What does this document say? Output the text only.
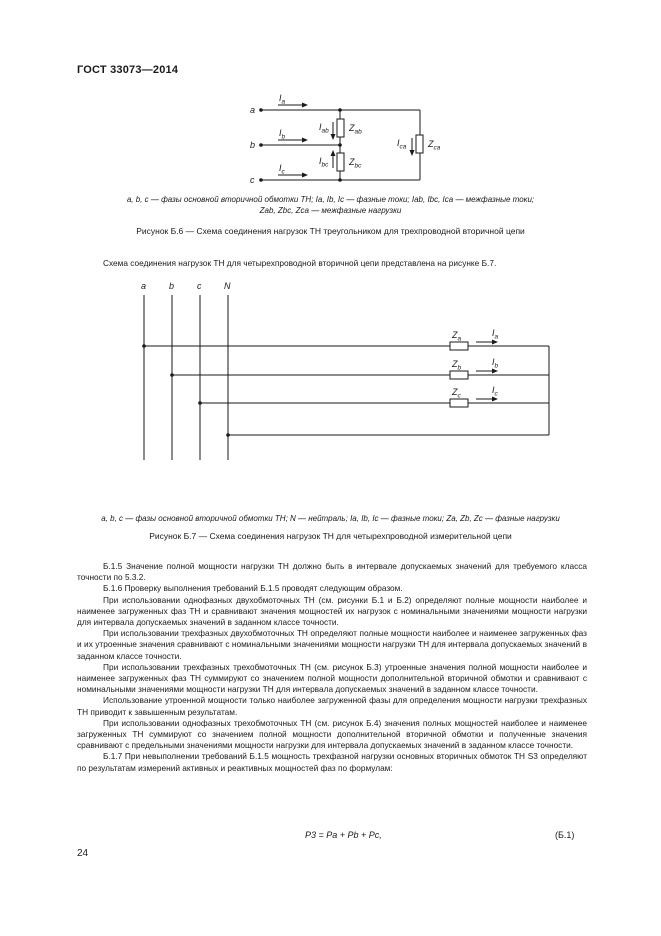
ГОСТ 33073—2014
a
b
c
$I_a$
$I_b$
$I_c$
$I_{ab}$
$I_{bc}$
$I_{ca}$
$Z_{ab}$
$Z_{bc}$
$Z_{ca}$
a, b, c — фазы основной вторичной обмотки ТН; Ia, Ib, Ic — фазные токи; Iab, Ibc, Ica — межфазные токи;
Zab, Zbc, Zca — межфазные нагрузки
Рисунок Б.6 — Схема соединения нагрузок ТН треугольником для трехпроводной вторичной цепи
Схема соединения нагрузок ТН для четырехпроводной вторичной цепи представлена на рисунке Б.7.
a	b	c	N
$Z_a$
$Z_b$
$Z_c$
$I_a$
$I_b$
$I_c$
a, b, c — фазы основной вторичной обмотки ТН; N — нейтраль; Ia, Ib, Ic — фазные токи; Za, Zb, Zc — фазные нагрузки
Рисунок Б.7 — Схема соединения нагрузок ТН для четырехпроводной измерительной цепи
Б.1.5 Значение полной мощности нагрузки ТН должно быть в интервале допускаемых значений для требуемого класса точности по 5.3.2.
Б.1.6 Проверку выполнения требований Б.1.5 проводят следующим образом.
При использовании однофазных двухобмоточных ТН (см. рисунки Б.1 и Б.2) определяют полные мощности наиболее и наименее загруженных фаз ТН и сравнивают значения мощностей их нагрузок с номинальными значениями мощности нагрузки для интервала допускаемых значений в заданном классе точности.
При использовании трехфазных двухобмоточных ТН определяют полные мощности наиболее и наименее загруженных фаз и их утроенные значения сравнивают с номинальными значениями мощности нагрузки ТН для интервала допускаемых значений в заданном классе точности.
При использовании трехфазных трехобмоточных ТН (см. рисунок Б.3) утроенные значения полной мощности наиболее и наименее загруженных фаз ТН суммируют со значением полной мощности дополнительной вторичной обмотки и сравнивают с номинальными значениями мощности нагрузки ТН для интервала допускаемых значений в заданном классе точности.
Использование утроенной мощности только наиболее загруженной фазы для определения мощности нагрузки трехфазных ТН приводит к завышенным результатам.
При использовании однофазных трехобмоточных ТН (см. рисунок Б.4) значения полных мощностей наиболее и наименее загруженных ТН суммируют со значением полной мощности дополнительной вторичной обмотки и полученные значения сравнивают с предельными значениями мощности нагрузки для интервала допускаемых значений в заданном классе точности.
Б.1.7 При невыполнении требований Б.1.5 мощность трехфазной нагрузки основных вторичных обмоток ТН S3 определяют по результатам измерений активных и реактивных мощностей фаз по формулам:
P3 = Pa + Pb + Pc,	(Б.1)
24
